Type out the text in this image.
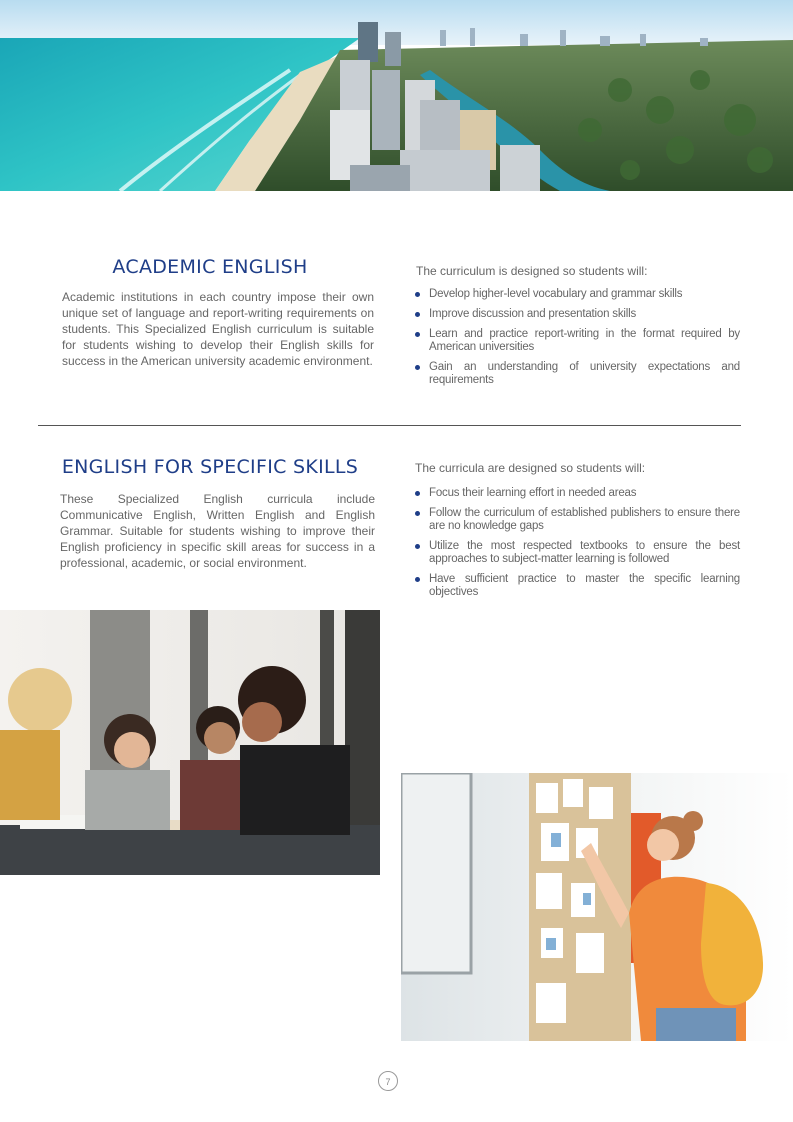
ACADEMIC ENGLISH

Academic institutions in each country impose their own unique set of language and report-writing requirements on students. This Specialized English curriculum is suitable for students wishing to develop their English skills for success in the American university academic environment.

The curriculum is designed so students will:

Develop higher-level vocabulary and grammar skills
Improve discussion and presentation skills
Learn and practice report-writing in the format required by American universities
Gain an understanding of university expectations and requirements
ENGLISH FOR SPECIFIC SKILLS

These Specialized English curricula include Communicative English, Written English and English Grammar. Suitable for students wishing to improve their English proficiency in specific skill areas for success in a professional, academic, or social environment.

The curricula are designed so students will:

Focus their learning effort in needed areas
Follow the curriculum of established publishers to ensure there are no knowledge gaps
Utilize the most respected textbooks to ensure the best approaches to subject-matter learning is followed
Have sufficient practice to master the specific learning objectives
7
